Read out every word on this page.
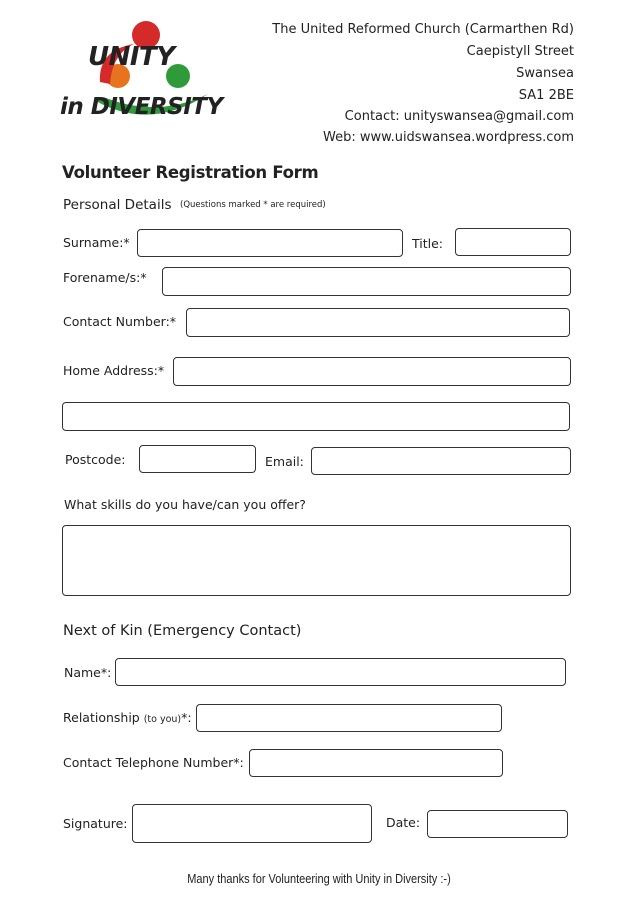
UNITY
in DIVERSITY
The United Reformed Church (Carmarthen Rd)
Caepistyll Street
Swansea
SA1 2BE
Contact: unityswansea@gmail.com
Web: www.uidswansea.wordpress.com
Volunteer Registration Form
Personal Details (Questions marked * are required)
Surname:*	Title:
Forename/s:*
Contact Number:*
Home Address:*
Postcode:	Email:
What skills do you have/can you offer?
Next of Kin (Emergency Contact)
Name*:
Relationship (to you)*:
Contact Telephone Number*:
Signature:	Date:
Many thanks for Volunteering with Unity in Diversity :-)
